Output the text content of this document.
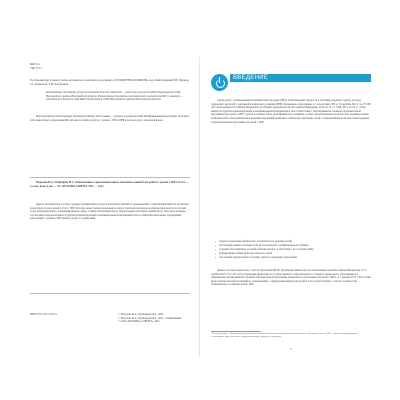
ББК 74.1
УДК 373.2
Пособие выходит в рамках учебно-методического комплекта к программе «ОТ РОЖДЕНИЯ ДО ШКОЛЫ» под общей редакцией Н.Е. Вераксы, Т.С. Комаровой, Э.М. Дорофеевой.
Рекомендовано для работы психологом-методистом М.А. Ивановой — педагогом-психологом МАОУ Прохоровская ООШ Новгородского района Новгородской области. Рекомендовано для работы воспитателей и методистов В.И. Симоновой — воспитателем детского сада МАОУ Трубичинской ООШ Новгородского района Новгородской области.
Морозова Ирина Александровна, Пушкарева Марина Анатольевна — учителя-логопеды высшей квалификационной категории. Почетные работники общего образования РФ, авторы пособий по работе с детьми с ЗПР и ОНР в детском саду и начальной школе.
Морозова И.А., Пушкарева М.А. Ознакомление с окружающим миром. Конспекты занятий для работы с детьми с ЗПР 6–8 лет. — 2-е изд., испр. и доп. — М.: МОЗАИКА-СИНТЕЗ, 2021. — 216 с.
Данное методическое пособие содержит планирование работы и конспекты занятий по ознакомлению с окружающим миром в различных возрастных группах детей 6–8 лет с ЗПР. Пособие может быть использовано в работе учителей-логопедов, воспитателей и педагогов детских садов компенсирующего и комбинированного вида, а также в начальной школе. Предлагаемые конспекты занятий могут быть использованы логопедами в начальной школе в группах компенсирующей и комбинированной направленности и в общеобразовательных учреждениях, работающих с детьми с ОВЗ разного возраста, родителями.
ISBN 978-5-4315-2072-5	© Морозова И.А., Пушкарева М.А., 2006
© Морозова И.А., Пушкарева М.А., 2021, с изменениями
© ООО «МОЗАИКА-СИНТЕЗ», 2021
ВВЕДЕНИЕ
Среди детей с ограниченными возможностями здоровья (ОВЗ), испытывающих трудности в обучении, выделяют группу, которую определяют как детей с задержкой психического развития (ЗПР). Дошкольное образование, в соответствии с ФЗ от 29 декабря 2012 г. № 273-ФЗ «Об образовании в Российской Федерации» (Собрание законодательства Российской Федерации, 2012, № 53, ст. 7598; 2013, № 19, ст. 2326), является в группах компенсирующей и комбинированной направленности в соответствии с адаптированной основной образовательной программой для детей с ОВЗ с учетом особенностей их психофизического развития, особых образовательных потребностей, индивидуальных возможностей и обеспечивающей коррекцию нарушений развития и социальную адаптацию детей с ограниченными возможностями здоровья. Задачи реализации программы для детей с ЗПР:
• охрана и укрепление физического и психического здоровья детей;
• обеспечение равных возможностей для полноценного развития каждого ребенка;
• создание благоприятных условий развития детей в соответствии с их особенностями;
• формирование общей культуры личности детей;
• обеспечение преемственности целей, задач и содержания образования.
Данное пособие разработано с учетом требований ФГОС ДО (Приказ Министерства образования и науки Российской Федерации от 17 октября 2013 г. № 1155 «Об утверждении федерального государственного образовательного стандарта дошкольного образования») и «Примерной адаптированной основной образовательной программы дошкольного образования для детей с ЗПР» от 7 декабря 2017 г. В пособии представлены конспекты занятий по ознакомлению с окружающим миром для детей 6–8 лет, разработанные с учетом особенностей познавательного развития детей с ЗПР.
* В соответствии с «Примерной адаптированной основной образовательной программой дошкольного образования детей с ЗПР», занятия по формированию элементарных представлений об окружающем мире проводятся ежедневно.
3
